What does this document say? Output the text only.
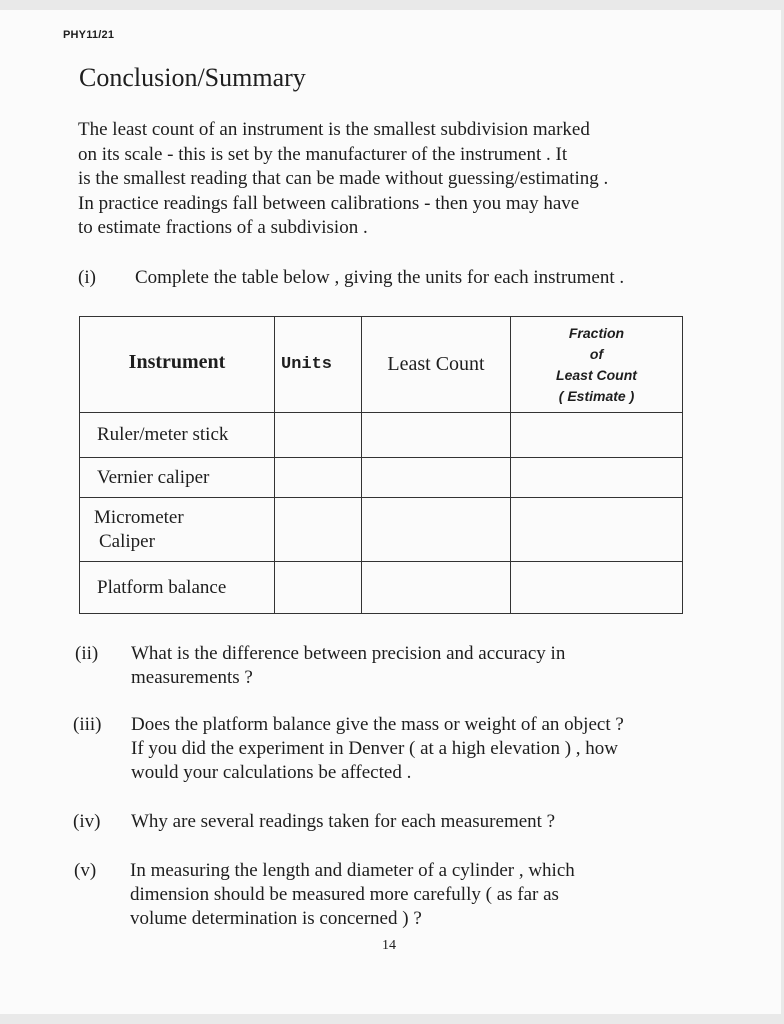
PHY11/21
Conclusion/Summary
The least count of an instrument is the smallest subdivision marked
on its scale - this is set by the manufacturer of the instrument . It
is the smallest reading that can be made without guessing/estimating .
In practice readings fall between calibrations - then you may have
to estimate fractions of a subdivision .
(i) Complete the table below , giving the units for each instrument .
Instrument	Units	Least Count	Fraction
of
Least Count
( Estimate )

Ruler/meter stick			
Vernier caliper			

Micrometer
Caliper			

Platform balance			
(ii) What is the difference between precision and accuracy in
measurements ?
(iii) Does the platform balance give the mass or weight of an object ?
If you did the experiment in Denver ( at a high elevation ) , how
would your calculations be affected .
(iv) Why are several readings taken for each measurement ?
(v) In measuring the length and diameter of a cylinder , which
dimension should be measured more carefully ( as far as
volume determination is concerned ) ?
14
